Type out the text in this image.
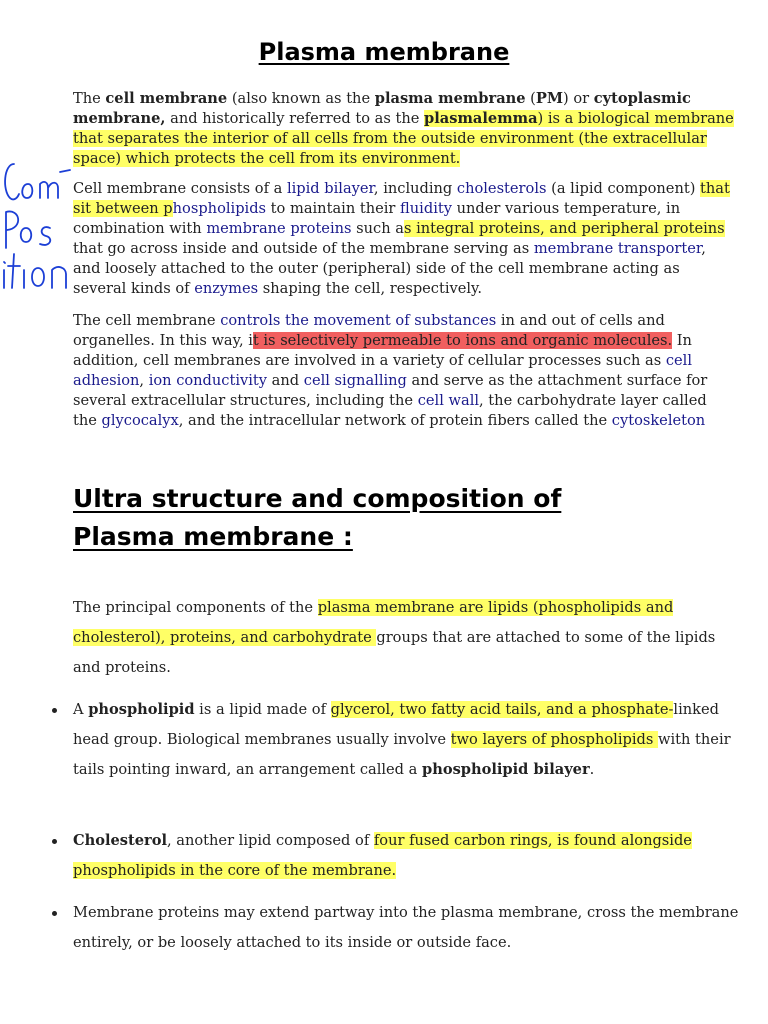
Plasma membrane

The cell membrane (also known as the plasma membrane (PM) or cytoplasmic membrane, and historically referred to as the plasmalemma) is a biological membrane that separates the interior of all cells from the outside environment (the extracellular space) which protects the cell from its environment.

Cell membrane consists of a lipid bilayer, including cholesterols (a lipid component) that sit between phospholipids to maintain their fluidity under various temperature, in combination with membrane proteins such as integral proteins, and peripheral proteins that go across inside and outside of the membrane serving as membrane transporter, and loosely attached to the outer (peripheral) side of the cell membrane acting as several kinds of enzymes shaping the cell, respectively.

The cell membrane controls the movement of substances in and out of cells and organelles. In this way, it is selectively permeable to ions and organic molecules. In addition, cell membranes are involved in a variety of cellular processes such as cell adhesion, ion conductivity and cell signalling and serve as the attachment surface for several extracellular structures, including the cell wall, the carbohydrate layer called the glycocalyx, and the intracellular network of protein fibers called the cytoskeleton

Ultra structure and composition of
Plasma membrane :

The principal components of the plasma membrane are lipids (phospholipids and cholesterol), proteins, and carbohydrate groups that are attached to some of the lipids and proteins.

A phospholipid is a lipid made of glycerol, two fatty acid tails, and a phosphate-linked head group. Biological membranes usually involve two layers of phospholipids with their tails pointing inward, an arrangement called a phospholipid bilayer.
Cholesterol, another lipid composed of four fused carbon rings, is found alongside phospholipids in the core of the membrane.
Membrane proteins may extend partway into the plasma membrane, cross the membrane entirely, or be loosely attached to its inside or outside face.
